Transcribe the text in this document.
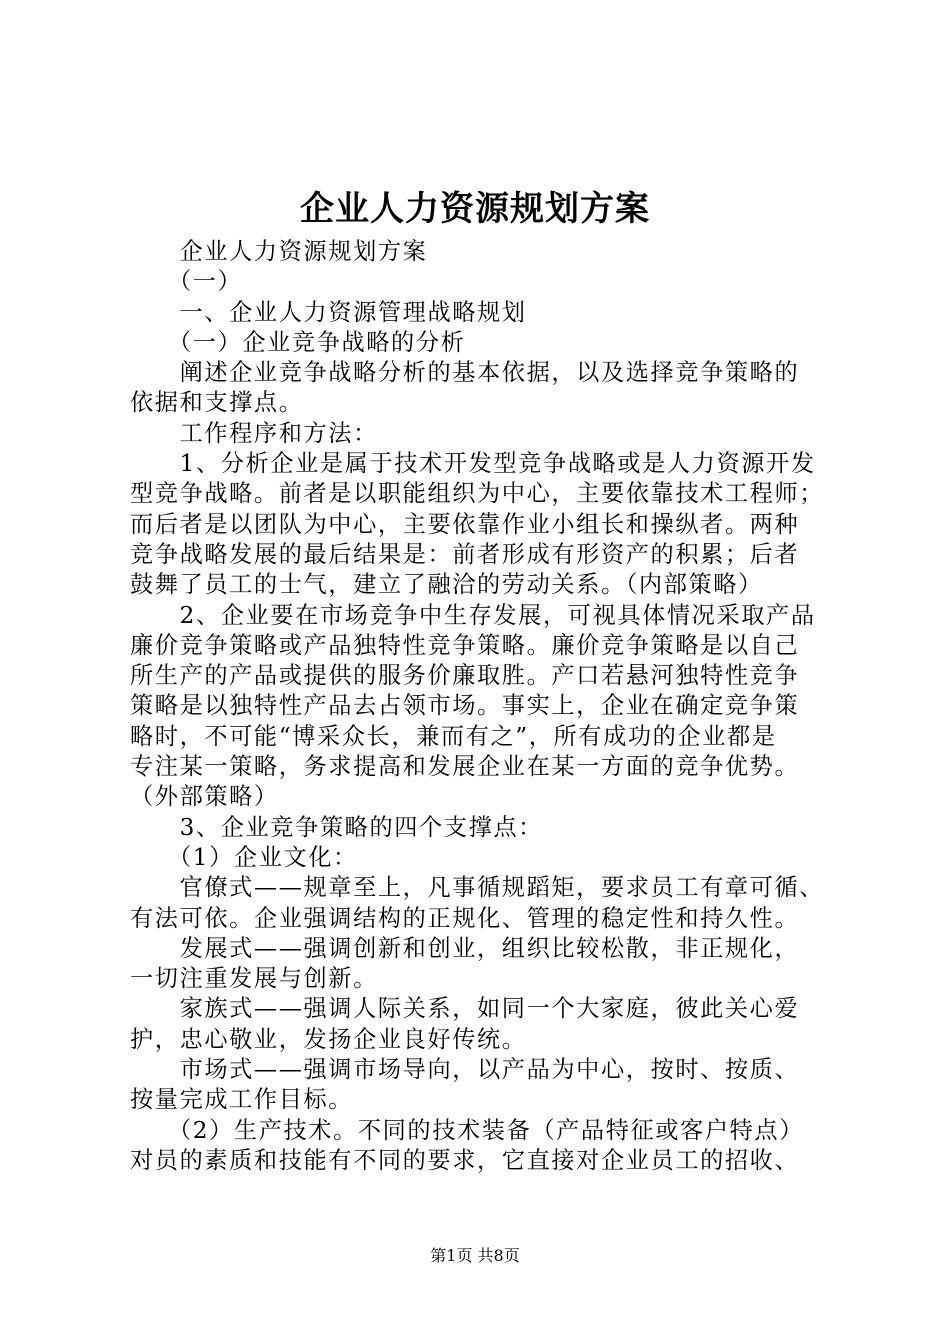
企业人力资源规划方案
　　企业人力资源规划方案
　　（一）
　　一、企业人力资源管理战略规划
　　（一）企业竞争战略的分析
　　阐述企业竞争战略分析的基本依据，以及选择竞争策略的
依据和支撑点。
　　工作程序和方法：
　　1、分析企业是属于技术开发型竞争战略或是人力资源开发
型竞争战略。前者是以职能组织为中心，主要依靠技术工程师；
而后者是以团队为中心，主要依靠作业小组长和操纵者。两种
竞争战略发展的最后结果是：前者形成有形资产的积累；后者
鼓舞了员工的士气，建立了融洽的劳动关系。（内部策略）
　　2、企业要在市场竞争中生存发展，可视具体情况采取产品
廉价竞争策略或产品独特性竞争策略。廉价竞争策略是以自己
所生产的产品或提供的服务价廉取胜。产口若悬河独特性竞争
策略是以独特性产品去占领市场。事实上，企业在确定竞争策
略时，不可能“博采众长，兼而有之”，所有成功的企业都是
专注某一策略，务求提高和发展企业在某一方面的竞争优势。
（外部策略）
　　3、企业竞争策略的四个支撑点：
　　（1）企业文化：
　　官僚式——规章至上，凡事循规蹈矩，要求员工有章可循、
有法可依。企业强调结构的正规化、管理的稳定性和持久性。
　　发展式——强调创新和创业，组织比较松散，非正规化，
一切注重发展与创新。
　　家族式——强调人际关系，如同一个大家庭，彼此关心爱
护，忠心敬业，发扬企业良好传统。
　　市场式——强调市场导向，以产品为中心，按时、按质、
按量完成工作目标。
　　（2）生产技术。不同的技术装备（产品特征或客户特点）
对员的素质和技能有不同的要求，它直接对企业员工的招收、
第1页 共8页
